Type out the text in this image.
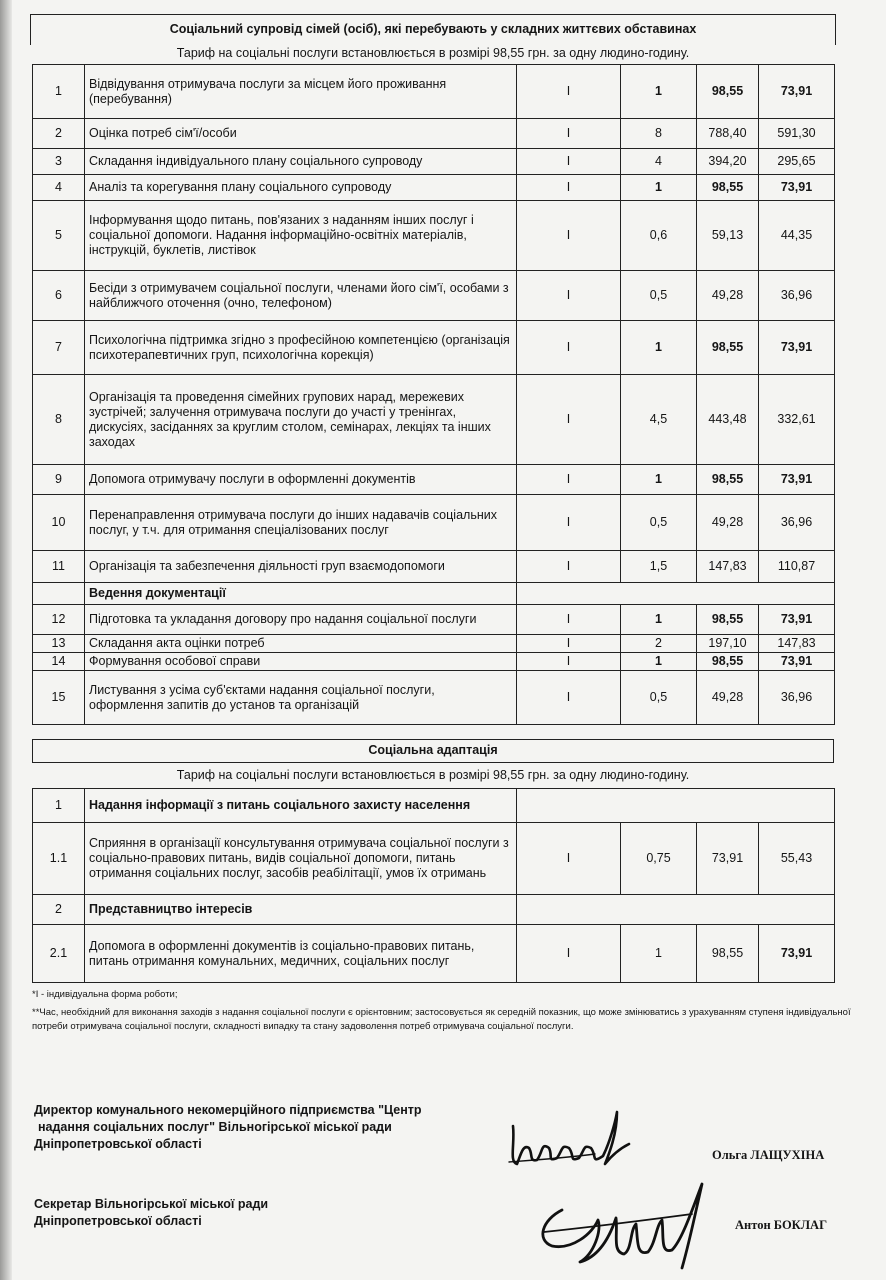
Соціальний супровід сімей (осіб), які перебувають у складних життєвих обставинах
Тариф на соціальні послуги встановлюється в розмірі 98,55 грн. за одну людино-годину.
1	Відвідування отримувача послуги за місцем його проживання (перебування)	І	1	98,55	73,91
2	Оцінка потреб сім'ї/особи	І	8	788,40	591,30
3	Складання індивідуального плану соціального супроводу	І	4	394,20	295,65
4	Аналіз та корегування плану соціального супроводу	І	1	98,55	73,91
5	Інформування щодо питань, пов'язаних з наданням інших послуг і соціальної допомоги. Надання інформаційно-освітніх матеріалів, інструкцій, буклетів, листівок	І	0,6	59,13	44,35
6	Бесіди з отримувачем соціальної послуги, членами його сім'ї, особами з найближчого оточення (очно, телефоном)	І	0,5	49,28	36,96
7	Психологічна підтримка згідно з професійною компетенцією (організація психотерапевтичних груп, психологічна корекція)	І	1	98,55	73,91
8	Організація та проведення сімейних групових нарад, мережевих зустрічей; залучення отримувача послуги до участі у тренінгах, дискусіях, засіданнях за круглим столом, семінарах, лекціях та інших заходах	І	4,5	443,48	332,61
9	Допомога отримувачу послуги в оформленні документів	І	1	98,55	73,91
10	Перенаправлення отримувача послуги до інших надавачів соціальних послуг, у т.ч. для отримання спеціалізованих послуг	І	0,5	49,28	36,96
11	Організація та забезпечення діяльності груп взаємодопомоги	І	1,5	147,83	110,87
	Ведення документації				
12	Підготовка та укладання договору про надання соціальної послуги	І	1	98,55	73,91
13	Складання акта оцінки потреб	І	2	197,10	147,83
14	Формування особової справи	І	1	98,55	73,91
15	Листування з усіма суб'єктами надання соціальної послуги, оформлення запитів до установ та організацій	І	0,5	49,28	36,96
Соціальна адаптація
Тариф на соціальні послуги встановлюється в розмірі 98,55 грн. за одну людино-годину.
1	Надання інформації з питань соціального захисту населення				
1.1	Сприяння в організації консультування отримувача соціальної послуги з соціально-правових питань, видів соціальної допомоги, питань отримання соціальних послуг, засобів реабілітації, умов їх отримань	І	0,75	73,91	55,43
2	Представництво інтересів				
2.1	Допомога в оформленні документів із соціально-правових питань, питань отримання комунальних, медичних, соціальних послуг	І	1	98,55	73,91
*І - індивідуальна форма роботи;
**Час, необхідний для виконання заходів з надання соціальної послуги є орієнтовним; застосовується як середній показник, що може змінюватись з урахуванням ступеня індивідуальної потреби отримувача соціальної послуги, складності випадку та стану задоволення потреб отримувача соціальної послуги.
Директор комунального некомерційного підприємства "Центр
надання соціальних послуг" Вільногірської міської ради
Дніпропетровської області
Ольга ЛАЩУХІНА
Секретар Вільногірської міської ради
Дніпропетровської області	Антон БОКЛАГ
